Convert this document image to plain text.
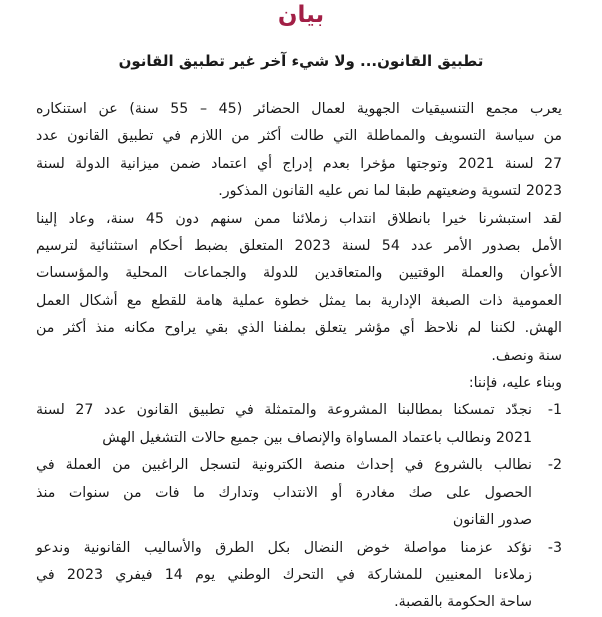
بيان
تطبيق القانون... ولا شيء آخر غير تطبيق القانون

يعرب مجمع التنسيقيات الجهوية لعمال الحضائر (45 – 55 سنة) عن استنكاره
من سياسة التسويف والمماطلة التي طالت أكثر من اللازم في تطبيق القانون عدد
27 لسنة 2021 وتوجتها مؤخرا بعدم إدراج أي اعتماد ضمن ميزانية الدولة لسنة
2023 لتسوية وضعيتهم طبقا لما نص عليه القانون المذكور.

لقد استبشرنا خيرا بانطلاق انتداب زملائنا ممن سنهم دون 45 سنة، وعاد إلينا
الأمل بصدور الأمر عدد 54 لسنة 2023 المتعلق بضبط أحكام استثنائية لترسيم
الأعوان والعملة الوقتيين والمتعاقدين للدولة والجماعات المحلية والمؤسسات
العمومية ذات الصبغة الإدارية بما يمثل خطوة عملية هامة للقطع مع أشكال العمل
الهش. لكننا لم نلاحظ أي مؤشر يتعلق بملفنا الذي بقي يراوح مكانه منذ أكثر من
سنة ونصف.

وبناء عليه، فإننا:

1-
نجدّد تمسكنا بمطالبنا المشروعة والمتمثلة في تطبيق القانون عدد 27 لسنة
2021 ونطالب باعتماد المساواة والإنصاف بين جميع حالات التشغيل الهش
2-
نطالب بالشروع في إحداث منصة الكترونية لتسجل الراغبين من العملة في
الحصول على صك مغادرة أو الانتداب وتدارك ما فات من سنوات منذ
صدور القانون
3-
نؤكد عزمنا مواصلة خوض النضال بكل الطرق والأساليب القانونية وندعو
زملاءنا المعنيين للمشاركة في التحرك الوطني يوم 14 فيفري 2023 في
ساحة الحكومة بالقصبة.
